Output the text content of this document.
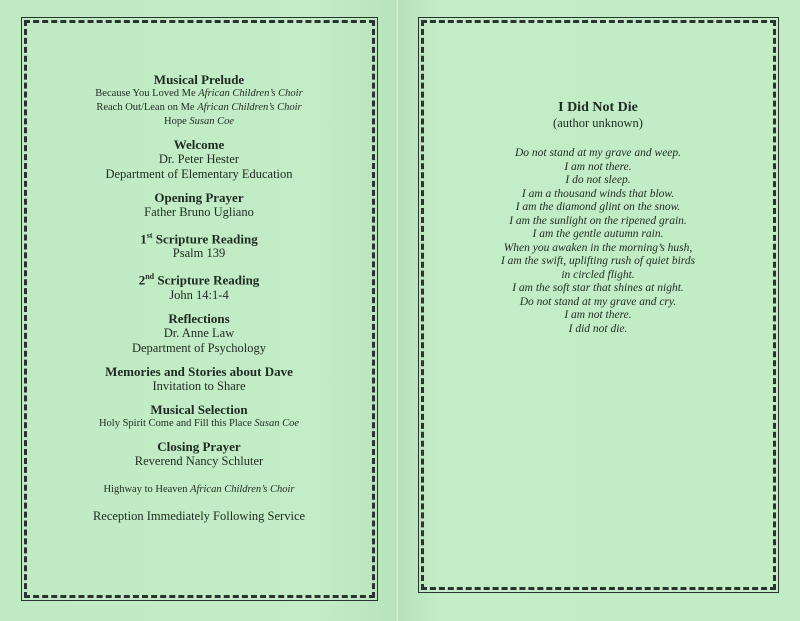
Musical Prelude
Because You Loved Me African Children’s Choir
Reach Out/Lean on Me African Children’s Choir
Hope Susan Coe
Welcome
Dr. Peter Hester
Department of Elementary Education
Opening Prayer
Father Bruno Ugliano
1st Scripture Reading
Psalm 139
2nd Scripture Reading
John 14:1-4
Reflections
Dr. Anne Law
Department of Psychology
Memories and Stories about Dave
Invitation to Share
Musical Selection
Holy Spirit Come and Fill this Place Susan Coe
Closing Prayer
Reverend Nancy Schluter
Highway to Heaven African Children’s Choir
Reception Immediately Following Service
I Did Not Die
(author unknown)
Do not stand at my grave and weep.
I am not there.
I do not sleep.
I am a thousand winds that blow.
I am the diamond glint on the snow.
I am the sunlight on the ripened grain.
I am the gentle autumn rain.
When you awaken in the morning’s hush,
I am the swift, uplifting rush of quiet birds
in circled flight.
I am the soft star that shines at night.
Do not stand at my grave and cry.
I am not there.
I did not die.
